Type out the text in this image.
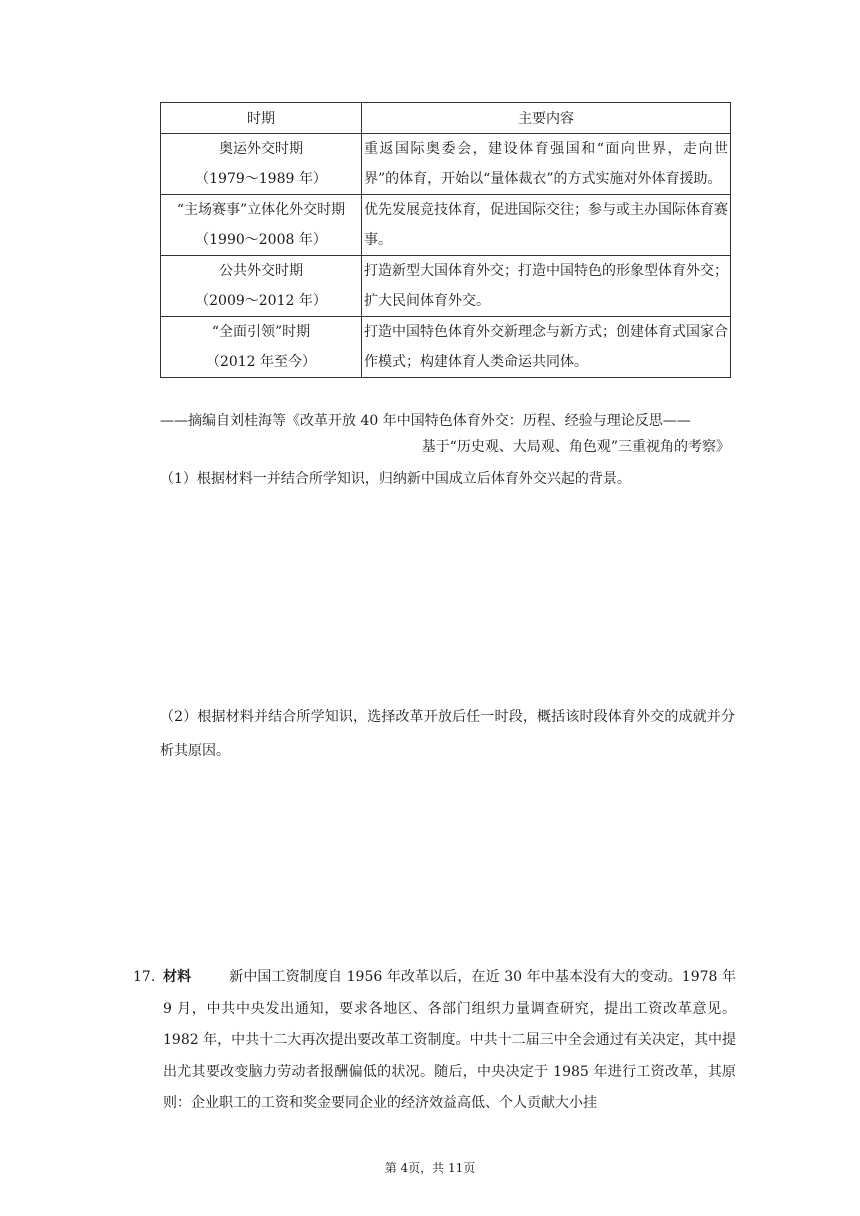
时期	主要内容

奥运外交时期
（1979～1989 年）	重返国际奥委会，建设体育强国和“面向世界，走向世界”的体育，开始以“量体裁衣”的方式实施对外体育援助。

“主场赛事”立体化外交时期
（1990～2008 年）	优先发展竞技体育，促进国际交往；参与或主办国际体育赛事。

公共外交时期
（2009～2012 年）	打造新型大国体育外交；打造中国特色的形象型体育外交；扩大民间体育外交。

“全面引领”时期
（2012 年至今）	打造中国特色体育外交新理念与新方式；创建体育式国家合作模式；构建体育人类命运共同体。
——摘编自刘桂海等《改革开放 40 年中国特色体育外交：历程、经验与理论反思——
基于“历史观、大局观、角色观”三重视角的考察》
（1）根据材料一并结合所学知识，归纳新中国成立后体育外交兴起的背景。
（2）根据材料并结合所学知识，选择改革开放后任一时段，概括该时段体育外交的成就并分析其原因。
17. 材料	新中国工资制度自 1956 年改革以后，在近 30 年中基本没有大的变动。1978 年 9 月，中共中央发出通知，要求各地区、各部门组织力量调查研究，提出工资改革意见。1982 年，中共十二大再次提出要改革工资制度。中共十二届三中全会通过有关决定，其中提出尤其要改变脑力劳动者报酬偏低的状况。随后，中央决定于 1985 年进行工资改革，其原则：企业职工的工资和奖金要同企业的经济效益高低、个人贡献大小挂
第 4页，共 11页
